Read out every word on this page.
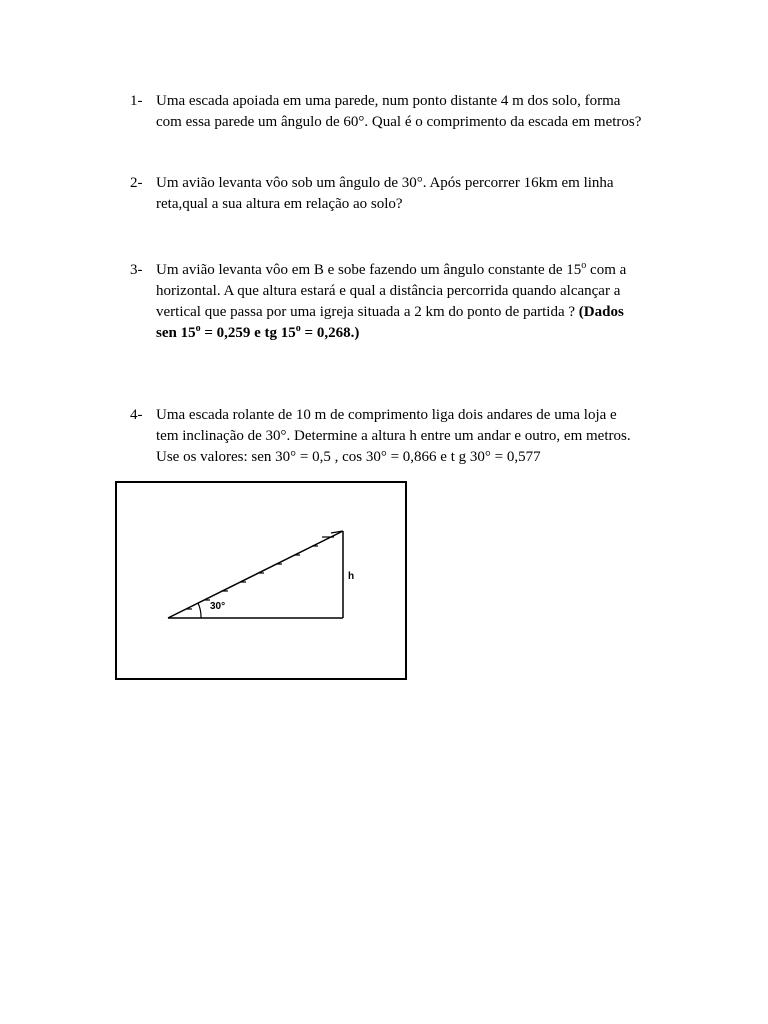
1- Uma escada apoiada em uma parede, num ponto distante 4 m dos solo, forma
com essa parede um ângulo de 60°. Qual é o comprimento da escada em metros?
2- Um avião levanta vôo sob um ângulo de 30°. Após percorrer 16km em linha
reta,qual a sua altura em relação ao solo?
3- Um avião levanta vôo em B e sobe fazendo um ângulo constante de 15$^o$ com a
horizontal. A que altura estará e qual a distância percorrida quando alcançar a
vertical que passa por uma igreja situada a 2 km do ponto de partida ? (Dados
sen $15^o = 0,259$ e tg $15^o = 0,268$.)
4- Uma escada rolante de 10 m de comprimento liga dois andares de uma loja e
tem inclinação de 30°. Determine a altura h entre um andar e outro, em metros.
Use os valores: sen 30° = 0,5 , cos 30° = 0,866 e t g 30° = 0,577
30°
h
